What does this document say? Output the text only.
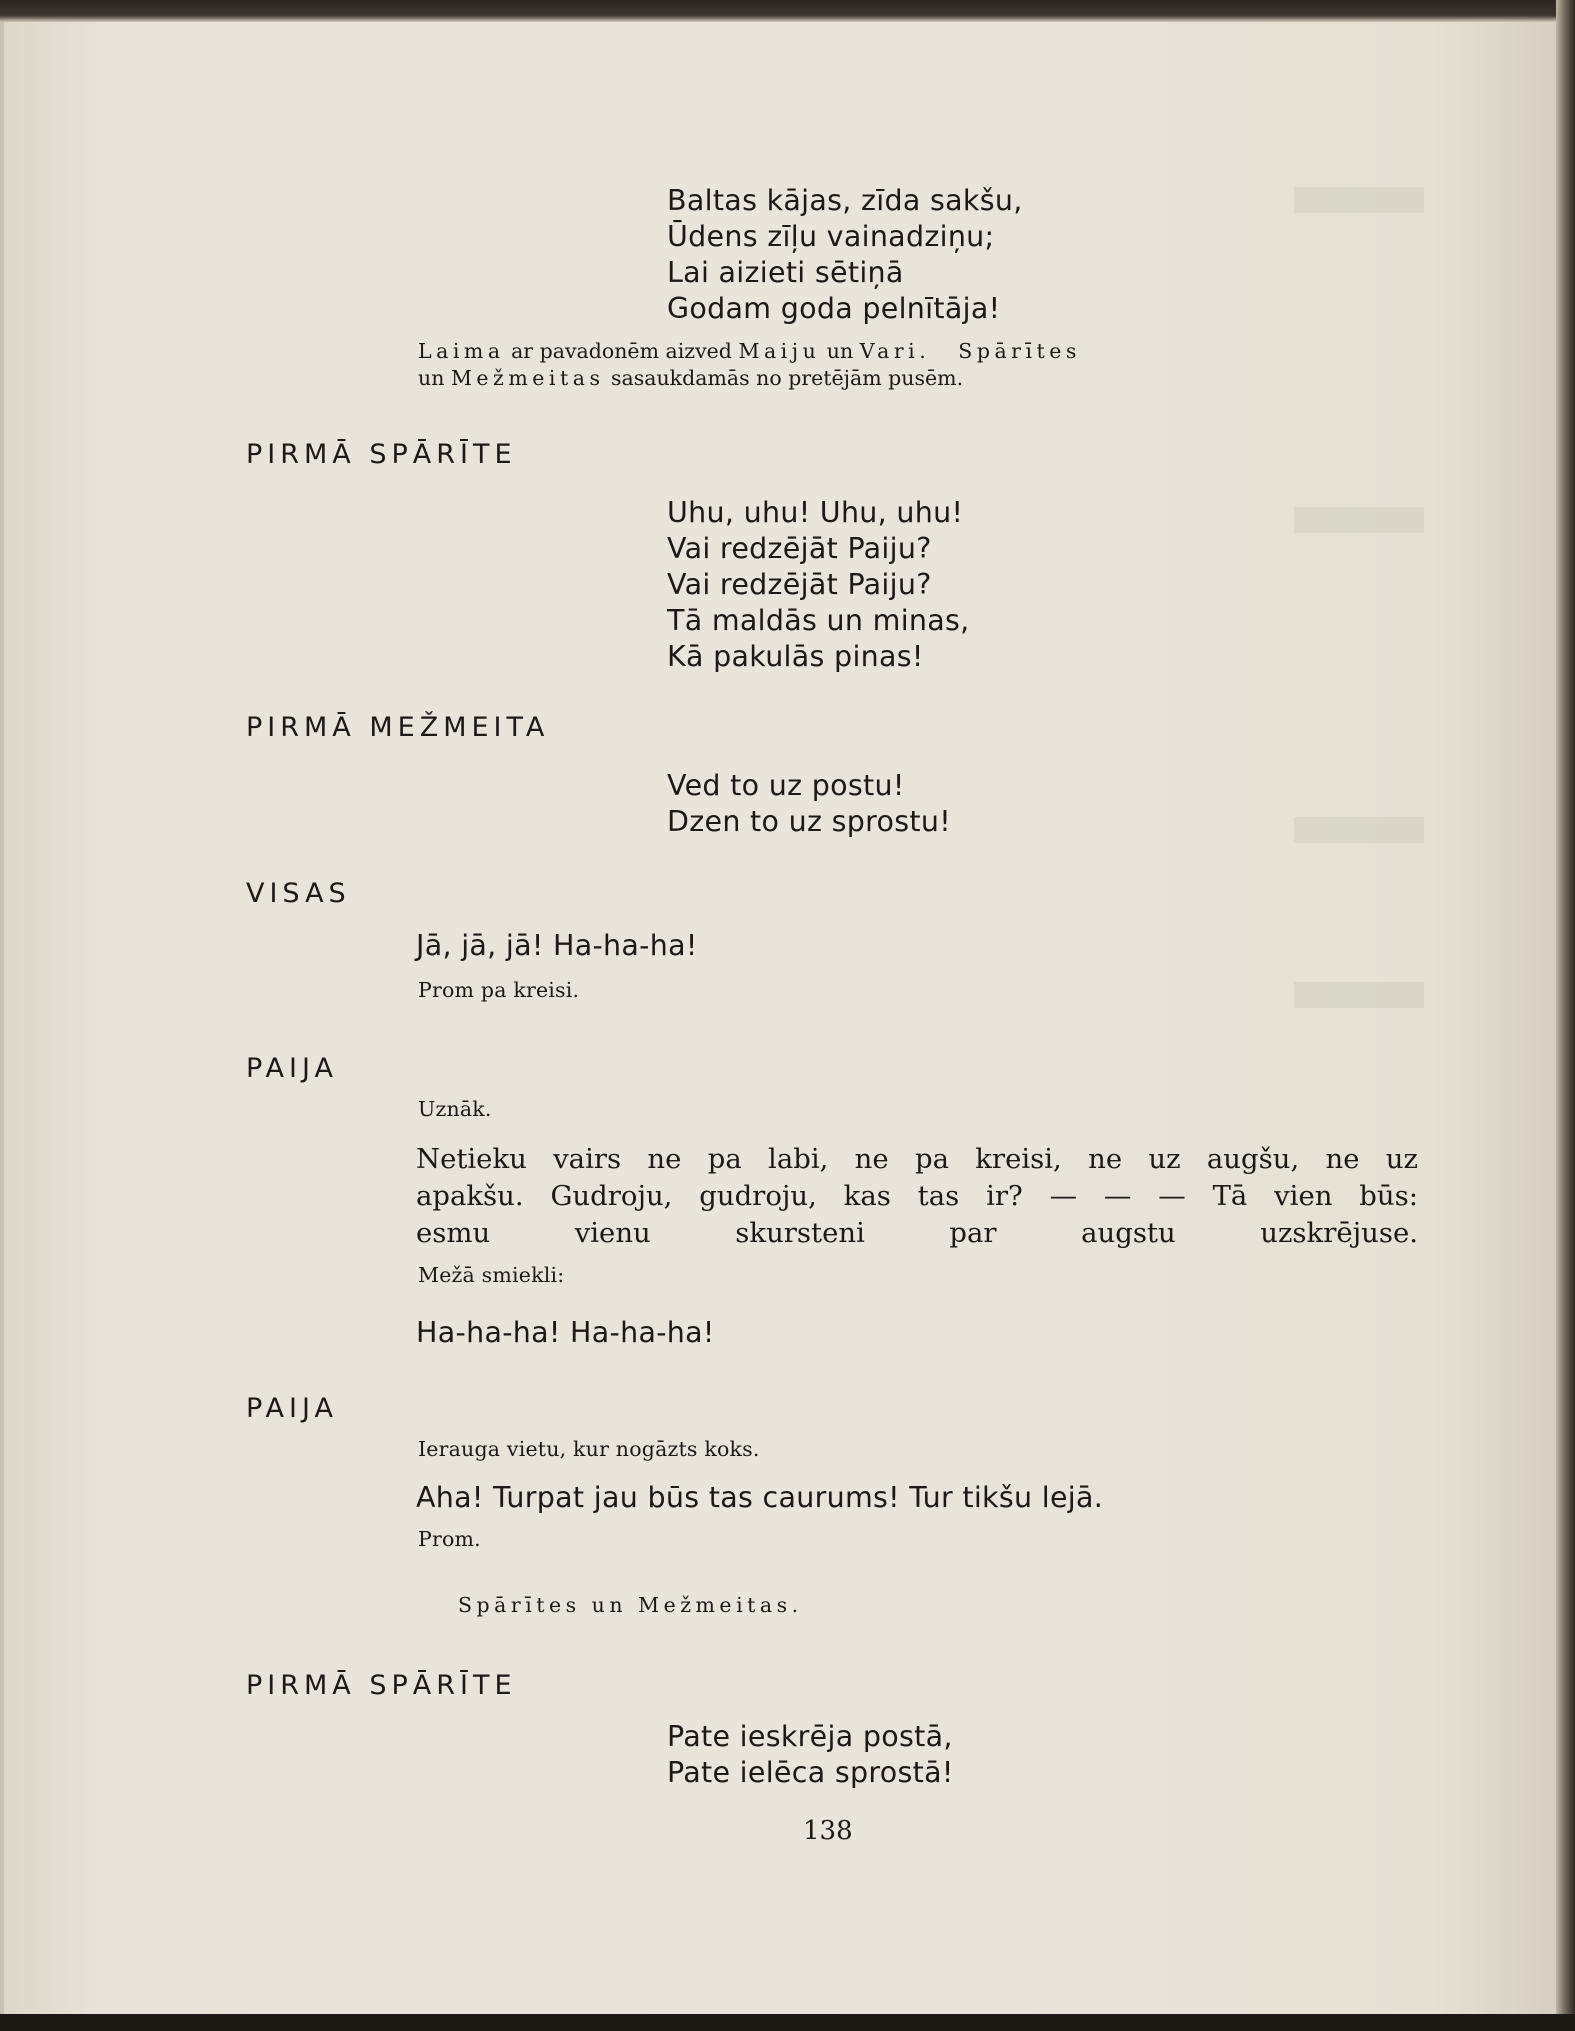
Baltas kājas, zīda sakšu,

Ūdens zīļu vainadziņu;

Lai aizieti sētiņā

Godam goda pelnītāja!

Laima ar pavadonēm aizved Maiju un Vari. Spārītes

un Mežmeitas sasaukdamās no pretējām pusēm.

PIRMĀ SPĀRĪTE

Uhu, uhu! Uhu, uhu!

Vai redzējāt Paiju?

Vai redzējāt Paiju?

Tā maldās un minas,

Kā pakulās pinas!

PIRMĀ MEŽMEITA

Ved to uz postu!

Dzen to uz sprostu!

VISAS

Jā, jā, jā! Ha-ha-ha!

Prom pa kreisi.

PAIJA

Uznāk.

Netieku vairs ne pa labi, ne pa kreisi, ne uz augšu, ne uz
apakšu. Gudroju, gudroju, kas tas ir? — — — Tā vien būs:
esmu vienu skursteni par augstu uzskrējuse.

Mežā smiekli:

Ha-ha-ha! Ha-ha-ha!

PAIJA

Ierauga vietu, kur nogāzts koks.

Aha! Turpat jau būs tas caurums! Tur tikšu lejā.

Prom.

Spārītes un Mežmeitas.

PIRMĀ SPĀRĪTE

Pate ieskrēja postā,

Pate ielēca sprostā!

138
